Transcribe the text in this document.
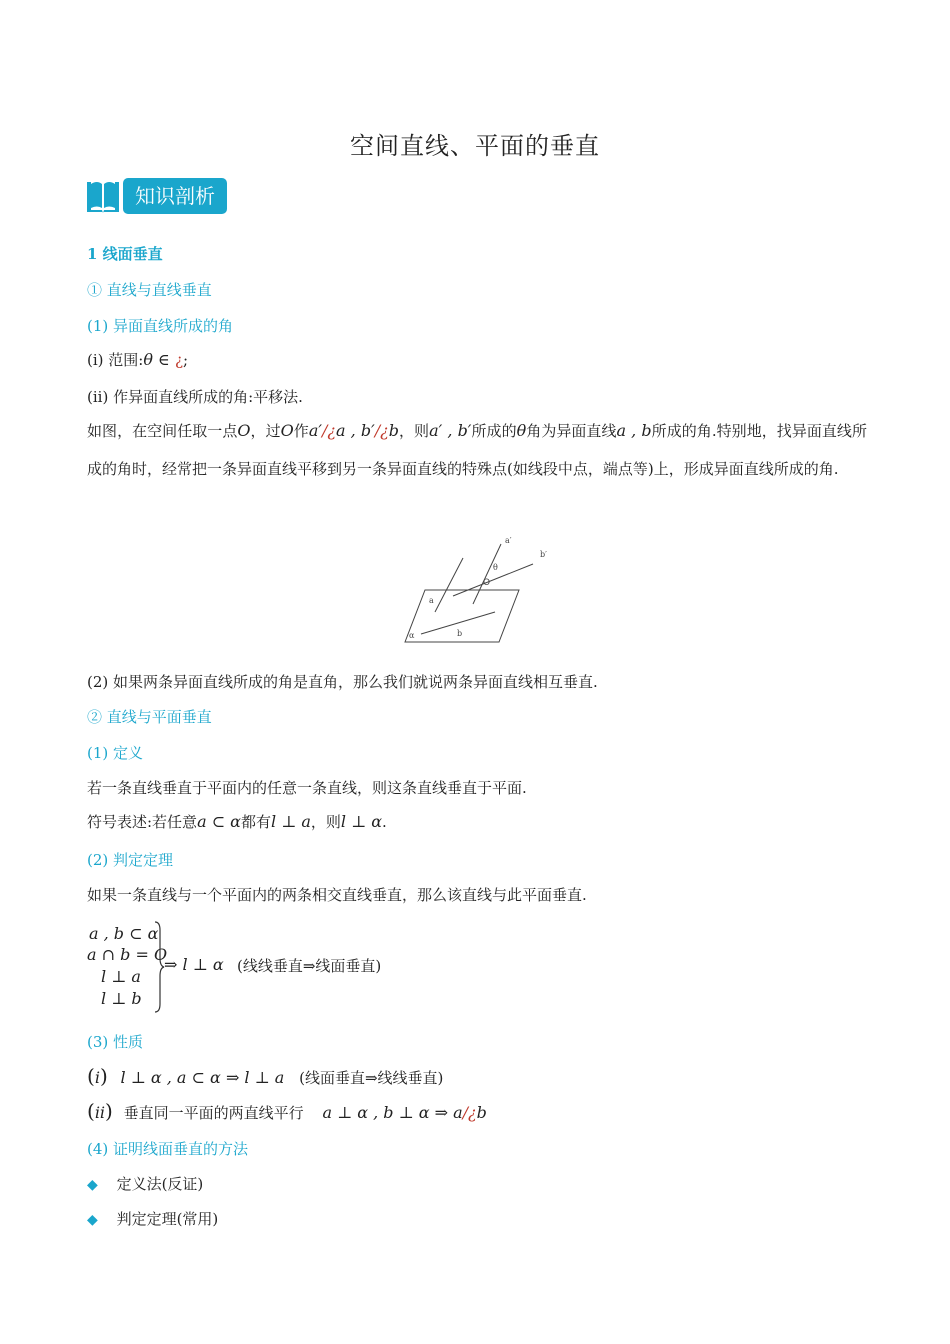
空间直线、平面的垂直
知识剖析
1 线面垂直
① 直线与直线垂直
(1) 异面直线所成的角
(i) 范围:θ ∈ ¿;
(ii) 作异面直线所成的角:平移法.
如图，在空间任取一点O，过O作a′/¿a , b′/¿b，则a′ , b′所成的θ角为异面直线a , b所成的角.特别地，找异面直线所成的角时，经常把一条异面直线平移到另一条异面直线的特殊点(如线段中点，端点等)上，形成异面直线所成的角.
a′
b′
θ
O
a
b
α
(2) 如果两条异面直线所成的角是直角，那么我们就说两条异面直线相互垂直.
② 直线与平面垂直
(1) 定义
若一条直线垂直于平面内的任意一条直线，则这条直线垂直于平面.
符号表述:若任意a ⊂ α都有l ⊥ a，则l ⊥ α.
(2) 判定定理
如果一条直线与一个平面内的两条相交直线垂直，那么该直线与此平面垂直.
a , b ⊂ α
a ∩ b = O
l ⊥ a
l ⊥ b
⇒ l ⊥ α (线线垂直⇒线面垂直)
(3) 性质
(i) l ⊥ α , a ⊂ α ⇒ l ⊥ a (线面垂直⇒线线垂直)
(ii) 垂直同一平面的两直线平行 a ⊥ α , b ⊥ α ⇒ a/¿b
(4) 证明线面垂直的方法
◆ 定义法(反证)
◆ 判定定理(常用)
